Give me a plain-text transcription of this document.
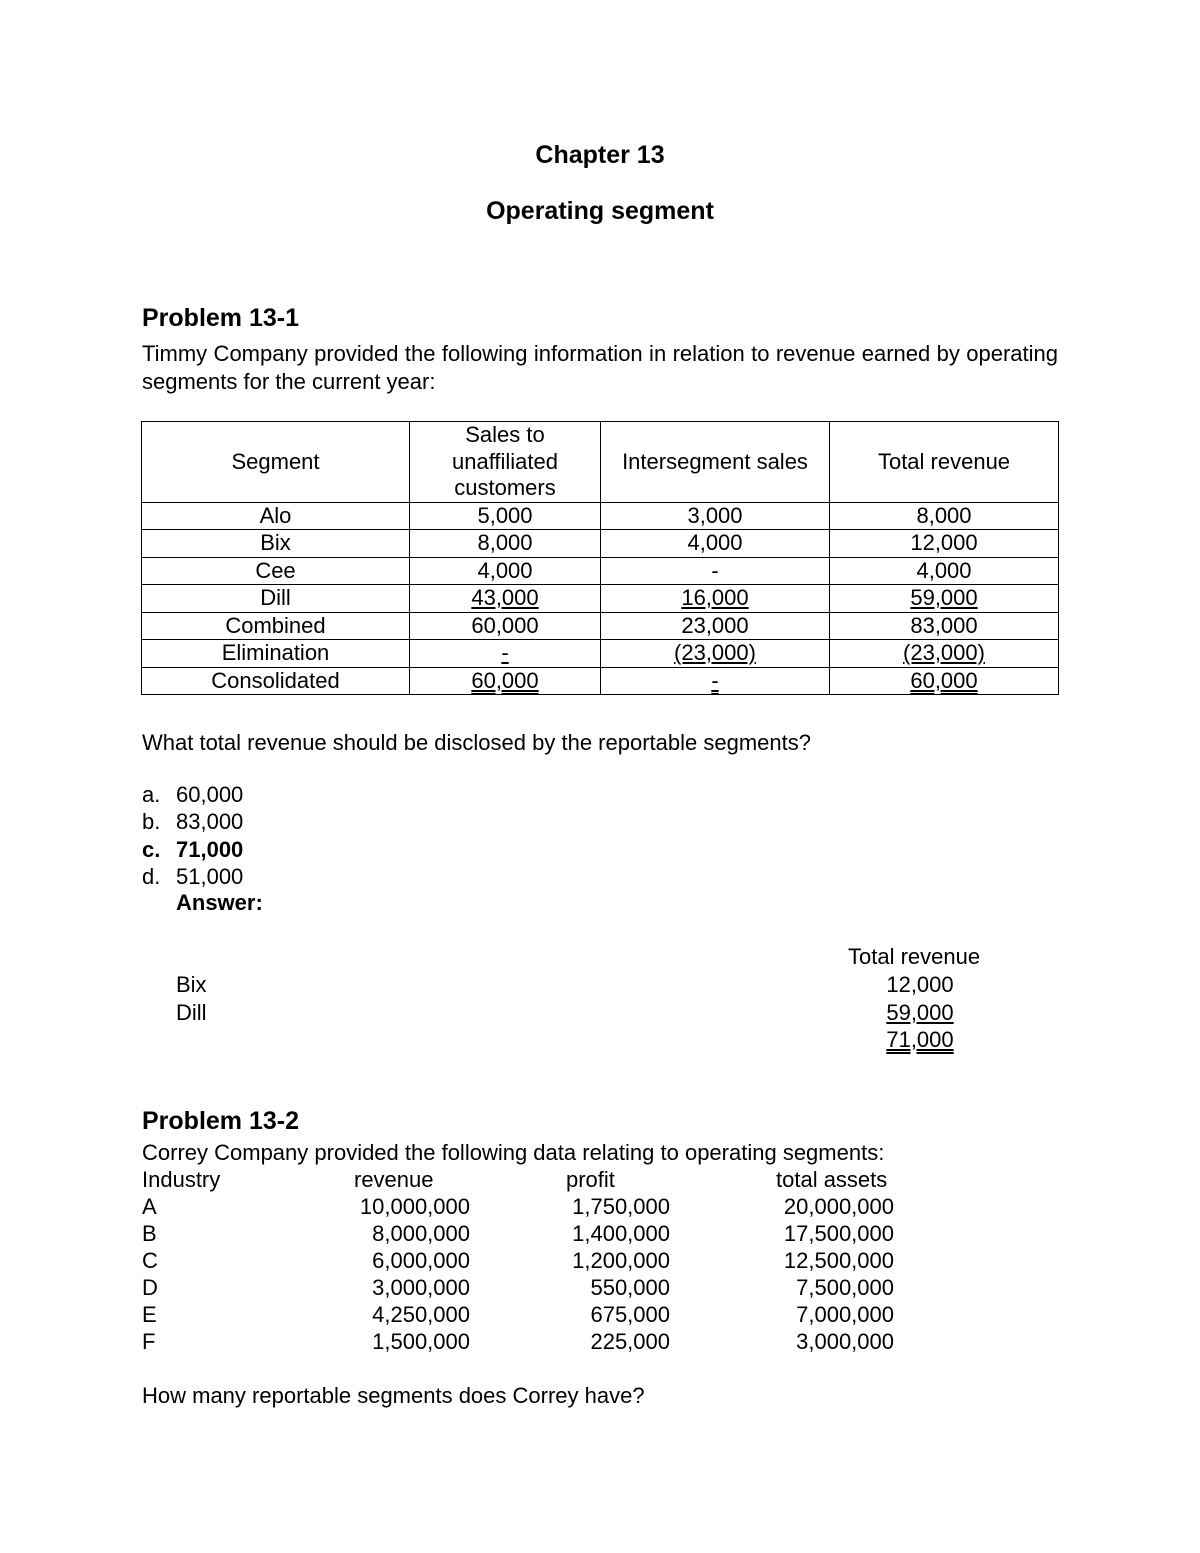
Chapter 13
Operating segment
Problem 13-1
Timmy Company provided the following information in relation to revenue earned by operating segments for the current year:
Segment	Sales to unaffiliated customers	Intersegment sales	Total revenue
Alo	5,000	3,000	8,000
Bix	8,000	4,000	12,000
Cee	4,000	-	4,000
Dill	43,000	16,000	59,000
Combined	60,000	23,000	83,000
Elimination	-	(23,000)	(23,000)
Consolidated	60,000	-	60,000
What total revenue should be disclosed by the reportable segments?
a. 60,000
b. 83,000
c. 71,000
d. 51,000
Answer:
Total revenue
Bix	12,000
Dill	59,000
71,000
Problem 13-2
Correy Company provided the following data relating to operating segments:
Industry	revenue	profit	total assets
A	10,000,000	1,750,000	20,000,000
B	8,000,000	1,400,000	17,500,000
C	6,000,000	1,200,000	12,500,000
D	3,000,000	550,000	7,500,000
E	4,250,000	675,000	7,000,000
F	1,500,000	225,000	3,000,000
How many reportable segments does Correy have?
